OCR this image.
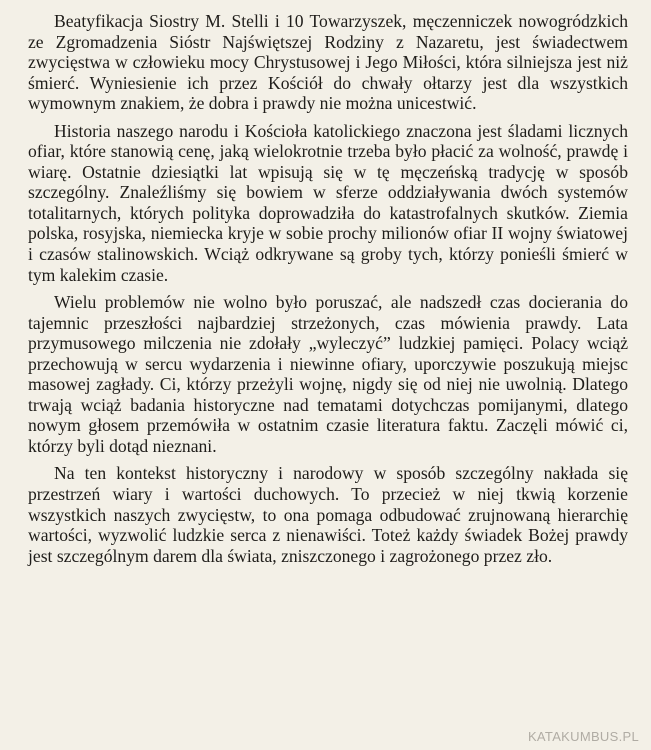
Beatyfikacja Siostry M. Stelli i 10 Towarzyszek, męczenniczek nowogródzkich ze Zgromadzenia Sióstr Najświętszej Rodziny z Nazaretu, jest świadectwem zwycięstwa w człowieku mocy Chrystusowej i Jego Miłości, która silniejsza jest niż śmierć. Wyniesienie ich przez Kościół do chwały ołtarzy jest dla wszystkich wymownym znakiem, że dobra i prawdy nie można unicestwić.

Historia naszego narodu i Kościoła katolickiego znaczona jest śladami licznych ofiar, które stanowią cenę, jaką wielokrotnie trzeba było płacić za wolność, prawdę i wiarę. Ostatnie dziesiątki lat wpisują się w tę męczeńską tradycję w sposób szczególny. Znaleźliśmy się bowiem w sferze oddziaływania dwóch systemów totalitarnych, których polityka doprowadziła do katastrofalnych skutków. Ziemia polska, rosyjska, niemiecka kryje w sobie prochy milionów ofiar II wojny światowej i czasów stalinowskich. Wciąż odkrywane są groby tych, którzy ponieśli śmierć w tym kalekim czasie.

Wielu problemów nie wolno było poruszać, ale nadszedł czas docierania do tajemnic przeszłości najbardziej strzeżonych, czas mówienia prawdy. Lata przymusowego milczenia nie zdołały „wyleczyć” ludzkiej pamięci. Polacy wciąż przechowują w sercu wydarzenia i niewinne ofiary, uporczywie poszukują miejsc masowej zagłady. Ci, którzy przeżyli wojnę, nigdy się od niej nie uwolnią. Dlatego trwają wciąż badania historyczne nad tematami dotychczas pomijanymi, dlatego nowym głosem przemówiła w ostatnim czasie literatura faktu. Zaczęli mówić ci, którzy byli dotąd nieznani.

Na ten kontekst historyczny i narodowy w sposób szczególny nakłada się przestrzeń wiary i wartości duchowych. To przecież w niej tkwią korzenie wszystkich naszych zwycięstw, to ona pomaga odbudować zrujnowaną hierarchię wartości, wyzwolić ludzkie serca z nienawiści. Toteż każdy świadek Bożej prawdy jest szczególnym darem dla świata, zniszczonego i zagrożonego przez zło.

KATAKUMBUS.PL
